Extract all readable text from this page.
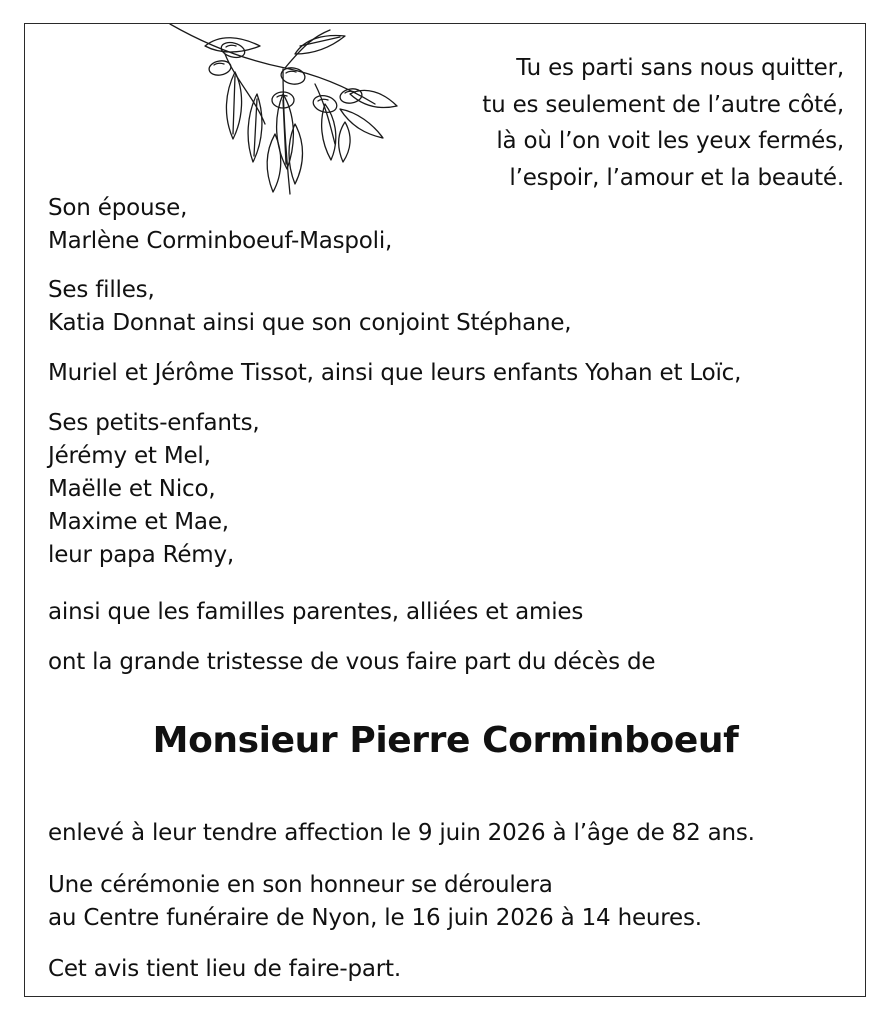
Tu es parti sans nous quitter,
tu es seulement de l’autre côté,
là où l’on voit les yeux fermés,
l’espoir, l’amour et la beauté.
Son épouse,
Marlène Corminboeuf-Maspoli,
Ses filles,
Katia Donnat ainsi que son conjoint Stéphane,
Muriel et Jérôme Tissot, ainsi que leurs enfants Yohan et Loïc,
Ses petits-enfants,
Jérémy et Mel,
Maëlle et Nico,
Maxime et Mae,
leur papa Rémy,
ainsi que les familles parentes, alliées et amies
ont la grande tristesse de vous faire part du décès de
Monsieur Pierre Corminboeuf
enlevé à leur tendre affection le 9 juin 2026 à l’âge de 82 ans.
Une cérémonie en son honneur se déroulera
au Centre funéraire de Nyon, le 16 juin 2026 à 14 heures.
Cet avis tient lieu de faire-part.
